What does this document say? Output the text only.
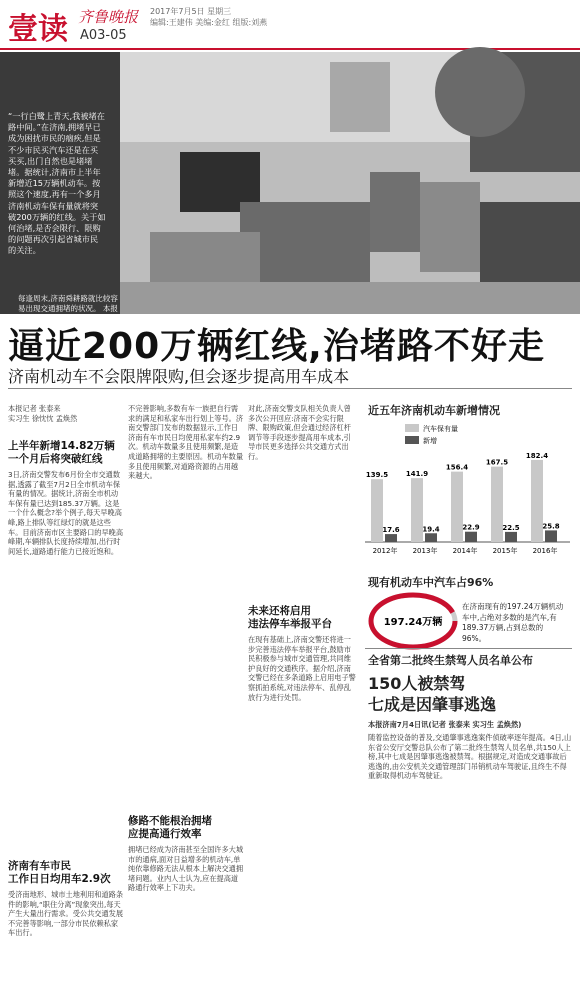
壹读 齐鲁晚报
A03-05
2017年7月5日 星期三
编辑:王建伟 美编:金红 组版:刘燕
“一行白鹭上青天,我被堵在路中间。”在济南,拥堵早已成为困扰市民的痼疾,但是不少市民买汽车还是在买买买,出门自然也是堵堵堵。据统计,济南市上半年新增近15万辆机动车。按照这个速度,再有一个多月济南机动车保有量就将突破200万辆的红线。关于如何治堵,是否会限行、限购的问题再次引起省城市民的关注。
每逢周末,济南舜耕路就比较容易出现交通拥堵的状况。 本报记者 周青先 摄
逼近200万辆红线,治堵路不好走
济南机动车不会限牌限购,但会逐步提高用车成本
本报记者 张泰来
实习生 徐忱忱 孟焕然
上半年新增14.82万辆
一个月后将突破红线
3日,济南交警发布6月份全市交通数据,透露了截至7月2日全市机动车保有量的情况。据统计,济南全市机动车保有量已达到185.37万辆。这是一个什么概念?举个例子,每天早晚高峰,路上排队等红绿灯的就是这些车。目前济南市区主要路口的早晚高峰期,车辆排队长度持续增加,出行时间延长,道路通行能力已接近饱和。
济南有车市民
工作日日均用车2.9次
受济南地形、城市土地利用和道路条件的影响,“职住分离”现象突出,每天产生大量出行需求。受公共交通发展不完善等影响,一部分市民依赖私家车出行。
不完善影响,多数有车一族把自行需求的满足和私家车出行划上等号。济南交警部门发布的数据显示,工作日济南有车市民日均使用私家车约2.9次。机动车数量多且使用频繁,是造成道路拥堵的主要原因。机动车数量多且使用频繁,对道路资源的占用越来越大。
修路不能根治拥堵
应提高通行效率
拥堵已经成为济南甚至全国许多大城市的通病,面对日益增多的机动车,单纯依靠修路无法从根本上解决交通拥堵问题。业内人士认为,应在提高道路通行效率上下功夫。
对此,济南交警支队相关负责人曾多次公开回应:济南不会实行限牌、限购政策,但会通过经济杠杆调节等手段逐步提高用车成本,引导市民更多选择公共交通方式出行。
未来还将启用
违法停车举报平台
在现有基础上,济南交警还将进一步完善违法停车举报平台,鼓励市民积极参与城市交通管理,共同维护良好的交通秩序。据介绍,济南交警已经在多条道路上启用电子警察抓拍系统,对违法停车、乱停乱放行为进行处罚。
近五年济南机动车新增情况
汽车保有量
新增
139.5
17.6
2012年
141.9
19.4
2013年
156.4
22.9
2014年
167.5
22.5
2015年
182.4
25.8
2016年
现有机动车中汽车占96%
197.24万辆
在济南现有的197.24万辆机动车中,占绝对多数的是汽车,有189.37万辆,占到总数的96%。
全省第二批终生禁驾人员名单公布
150人被禁驾
七成是因肇事逃逸
本报济南7月4日讯(记者 张泰来 实习生 孟焕然)
随着监控设备的普及,交通肇事逃逸案件侦破率逐年提高。4日,山东省公安厅交警总队公布了第二批终生禁驾人员名单,共150人上榜,其中七成是因肇事逃逸被禁驾。根据规定,对造成交通事故后逃逸的,由公安机关交通管理部门吊销机动车驾驶证,且终生不得重新取得机动车驾驶证。
